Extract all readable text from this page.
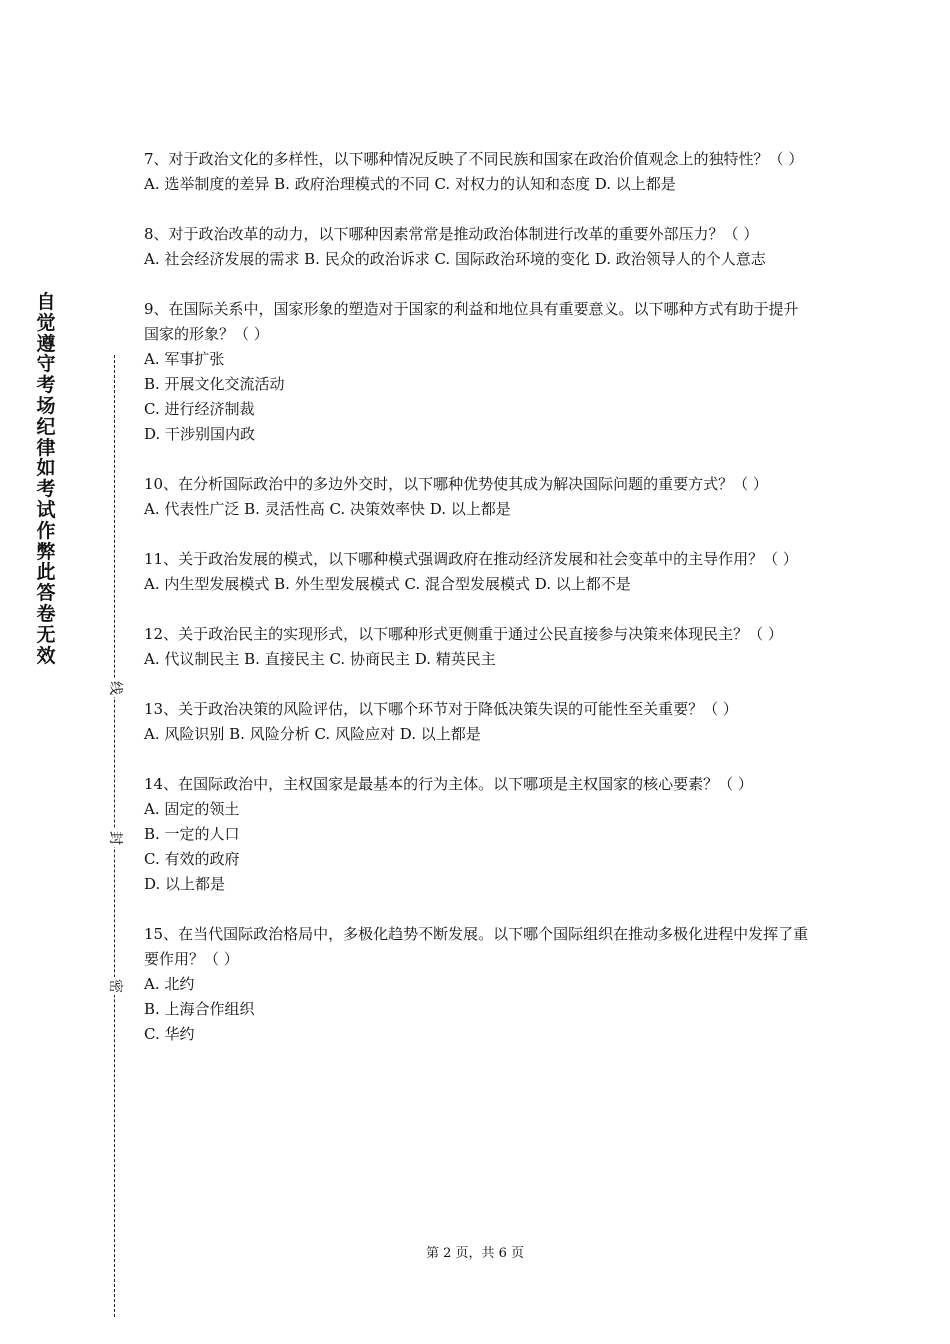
自觉遵守考场纪律如考试作弊此答卷无效
线
封
密

7、对于政治文化的多样性，以下哪种情况反映了不同民族和国家在政治价值观念上的独特性？（ ）

A. 选举制度的差异 B. 政府治理模式的不同 C. 对权力的认知和态度 D. 以上都是

8、对于政治改革的动力，以下哪种因素常常是推动政治体制进行改革的重要外部压力？（ ）

A. 社会经济发展的需求 B. 民众的政治诉求 C. 国际政治环境的变化 D. 政治领导人的个人意志

9、在国际关系中，国家形象的塑造对于国家的利益和地位具有重要意义。以下哪种方式有助于提升国家的形象？（ ）

A. 军事扩张

B. 开展文化交流活动

C. 进行经济制裁

D. 干涉别国内政

10、在分析国际政治中的多边外交时，以下哪种优势使其成为解决国际问题的重要方式？（ ）

A. 代表性广泛 B. 灵活性高 C. 决策效率快 D. 以上都是

11、关于政治发展的模式，以下哪种模式强调政府在推动经济发展和社会变革中的主导作用？（ ）

A. 内生型发展模式 B. 外生型发展模式 C. 混合型发展模式 D. 以上都不是

12、关于政治民主的实现形式，以下哪种形式更侧重于通过公民直接参与决策来体现民主？（ ）

A. 代议制民主 B. 直接民主 C. 协商民主 D. 精英民主

13、关于政治决策的风险评估，以下哪个环节对于降低决策失误的可能性至关重要？（ ）

A. 风险识别 B. 风险分析 C. 风险应对 D. 以上都是

14、在国际政治中，主权国家是最基本的行为主体。以下哪项是主权国家的核心要素？（ ）

A. 固定的领土

B. 一定的人口

C. 有效的政府

D. 以上都是

15、在当代国际政治格局中，多极化趋势不断发展。以下哪个国际组织在推动多极化进程中发挥了重要作用？（ ）

A. 北约

B. 上海合作组织

C. 华约

第 2 页，共 6 页
